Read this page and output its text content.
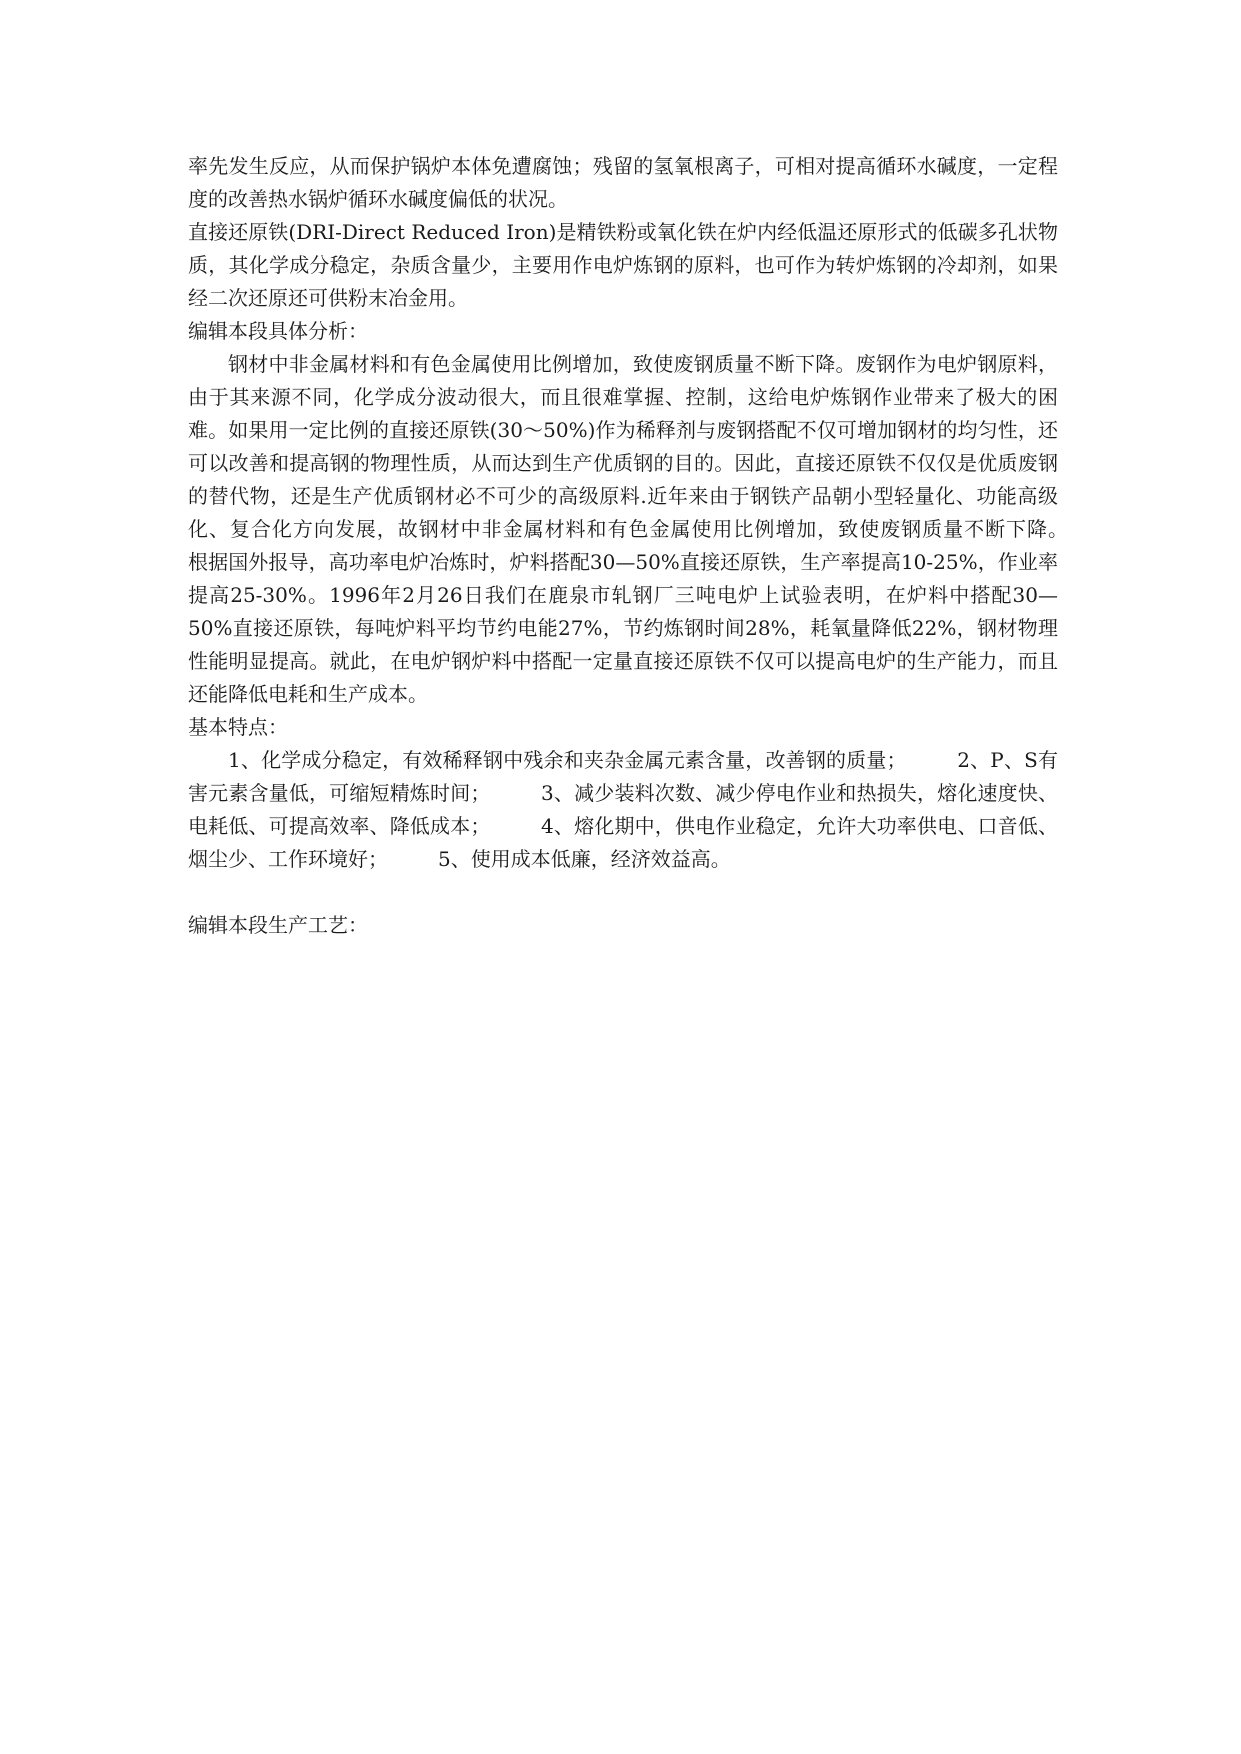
率先发生反应，从而保护锅炉本体免遭腐蚀；残留的氢氧根离子，可相对提高循环水碱度，一定程度的改善热水锅炉循环水碱度偏低的状况。

直接还原铁(DRI-Direct Reduced Iron)是精铁粉或氧化铁在炉内经低温还原形式的低碳多孔状物质，其化学成分稳定，杂质含量少，主要用作电炉炼钢的原料，也可作为转炉炼钢的冷却剂，如果经二次还原还可供粉末冶金用。

编辑本段具体分析：

钢材中非金属材料和有色金属使用比例增加，致使废钢质量不断下降。废钢作为电炉钢原料，由于其来源不同，化学成分波动很大，而且很难掌握、控制，这给电炉炼钢作业带来了极大的困难。如果用一定比例的直接还原铁(30～50%)作为稀释剂与废钢搭配不仅可增加钢材的均匀性，还可以改善和提高钢的物理性质，从而达到生产优质钢的目的。因此，直接还原铁不仅仅是优质废钢的替代物，还是生产优质钢材必不可少的高级原料.近年来由于钢铁产品朝小型轻量化、功能高级化、复合化方向发展，故钢材中非金属材料和有色金属使用比例增加，致使废钢质量不断下降。　　　根据国外报导，高功率电炉冶炼时，炉料搭配30—50%直接还原铁，生产率提高10-25%，作业率提高25-30%。1996年2月26日我们在鹿泉市轧钢厂三吨电炉上试验表明，在炉料中搭配30—50%直接还原铁，每吨炉料平均节约电能27%，节约炼钢时间28%，耗氧量降低22%，钢材物理性能明显提高。就此，在电炉钢炉料中搭配一定量直接还原铁不仅可以提高电炉的生产能力，而且还能降低电耗和生产成本。

基本特点：

1、化学成分稳定，有效稀释钢中残余和夹杂金属元素含量，改善钢的质量；　　　2、P、S有害元素含量低，可缩短精炼时间；　　　3、减少装料次数、减少停电作业和热损失，熔化速度快、电耗低、可提高效率、降低成本；　　　4、熔化期中，供电作业稳定，允许大功率供电、口音低、烟尘少、工作环境好；　　　5、使用成本低廉，经济效益高。

编辑本段生产工艺：
